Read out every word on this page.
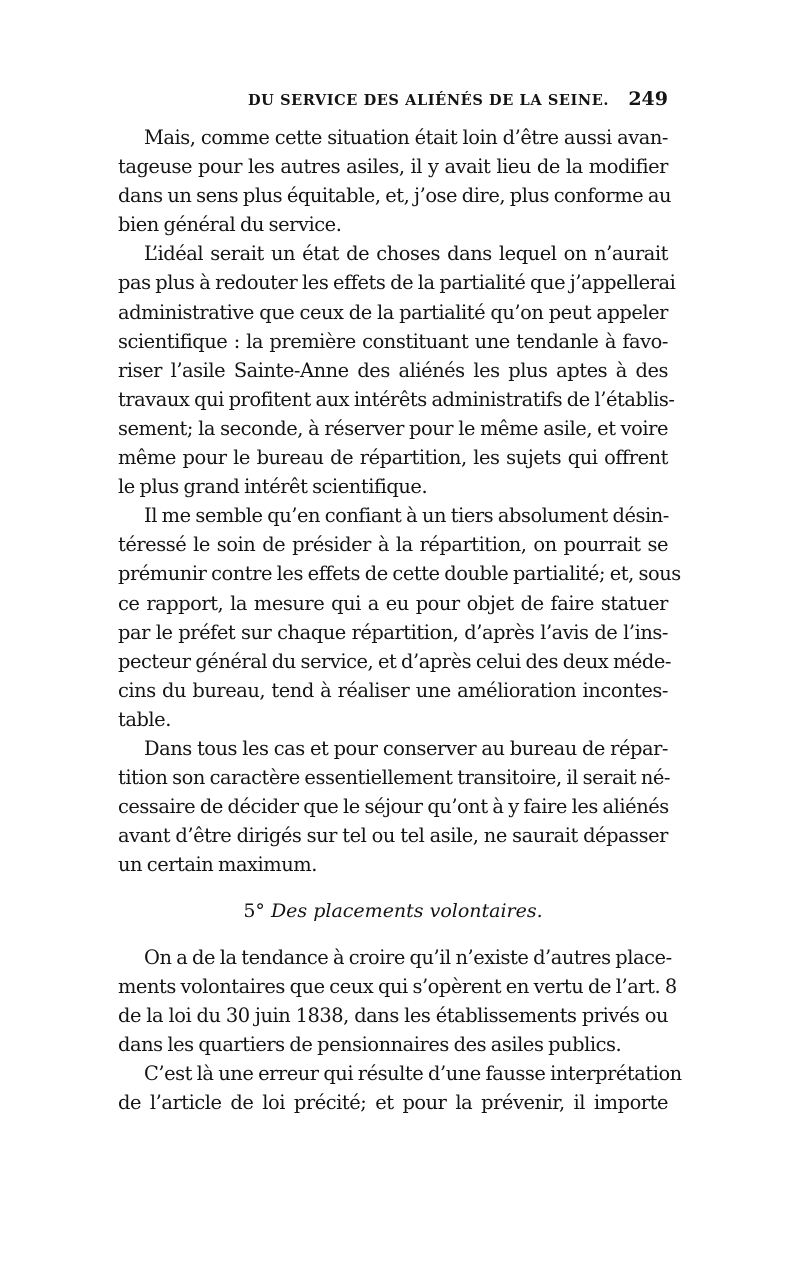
DU SERVICE DES ALIÉNÉS DE LA SEINE. 249
Mais, comme cette situation était loin d’être aussi avan-
tageuse pour les autres asiles, il y avait lieu de la modifier
dans un sens plus équitable, et, j’ose dire, plus conforme au
bien général du service.
L’idéal serait un état de choses dans lequel on n’aurait
pas plus à redouter les effets de la partialité que j’appellerai
administrative que ceux de la partialité qu’on peut appeler
scientifique : la première constituant une tendanle à favo-
riser l’asile Sainte-Anne des aliénés les plus aptes à des
travaux qui profitent aux intérêts administratifs de l’établis-
sement; la seconde, à réserver pour le même asile, et voire
même pour le bureau de répartition, les sujets qui offrent
le plus grand intérêt scientifique.
Il me semble qu’en confiant à un tiers absolument désin-
téressé le soin de présider à la répartition, on pourrait se
prémunir contre les effets de cette double partialité; et, sous
ce rapport, la mesure qui a eu pour objet de faire statuer
par le préfet sur chaque répartition, d’après l’avis de l’ins-
pecteur général du service, et d’après celui des deux méde-
cins du bureau, tend à réaliser une amélioration incontes-
table.
Dans tous les cas et pour conserver au bureau de répar-
tition son caractère essentiellement transitoire, il serait né-
cessaire de décider que le séjour qu’ont à y faire les aliénés
avant d’être dirigés sur tel ou tel asile, ne saurait dépasser
un certain maximum.
5° Des placements volontaires.
On a de la tendance à croire qu’il n’existe d’autres place-
ments volontaires que ceux qui s’opèrent en vertu de l’art. 8
de la loi du 30 juin 1838, dans les établissements privés ou
dans les quartiers de pensionnaires des asiles publics.
C’est là une erreur qui résulte d’une fausse interprétation
de l’article de loi précité; et pour la prévenir, il importe
